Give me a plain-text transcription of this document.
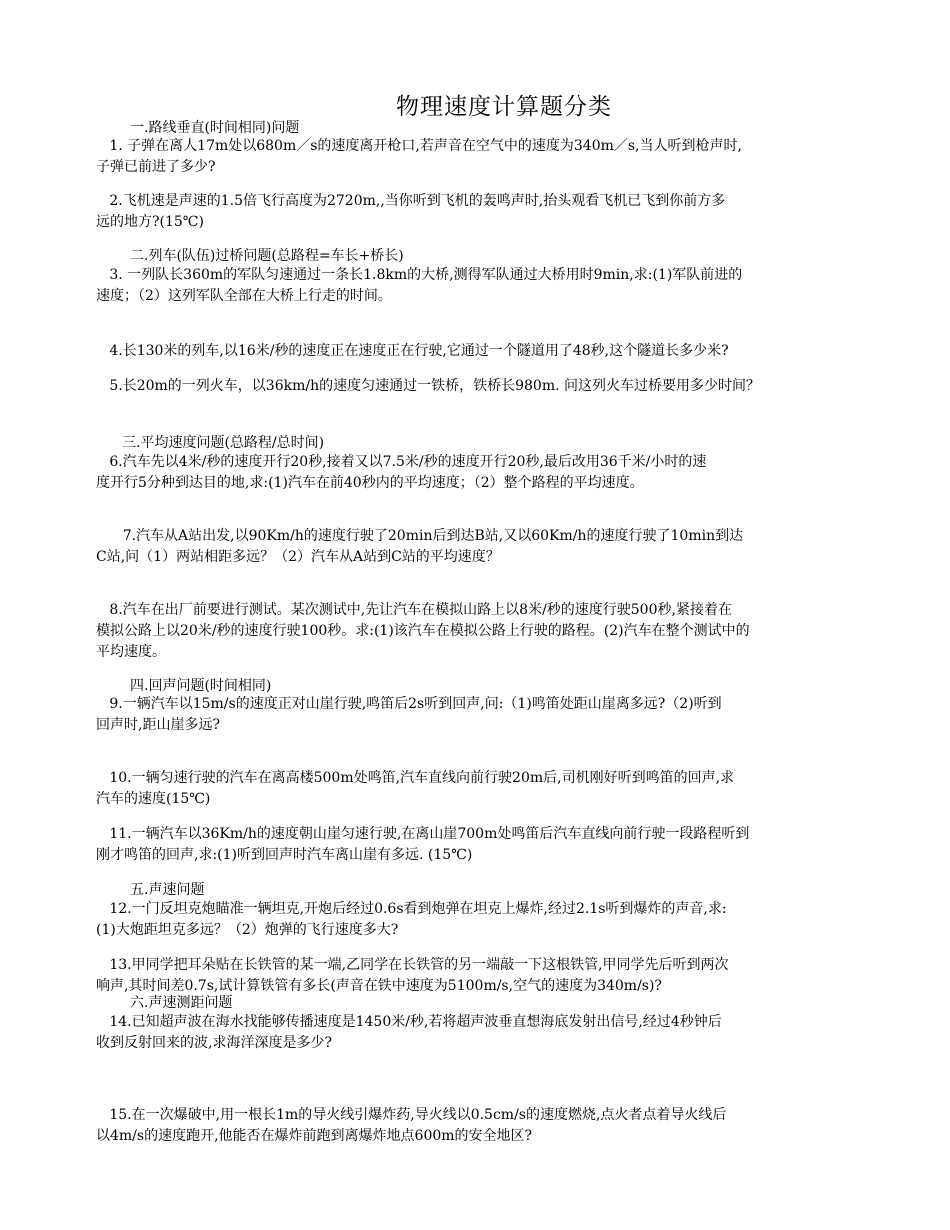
物理速度计算题分类
一.路线垂直(时间相同)问题
1. 子弹在离人17m处以680m／s的速度离开枪口,若声音在空气中的速度为340m／s,当人听到枪声时,
子弹已前进了多少?
2.飞机速是声速的1.5倍飞行高度为2720m,,当你听到飞机的轰鸣声时,抬头观看飞机已飞到你前方多
远的地方?(15℃)
二.列车(队伍)过桥问题(总路程=车长+桥长)
3. 一列队长360m的军队匀速通过一条长1.8km的大桥,测得军队通过大桥用时9min,求:(1)军队前进的
速度；（2）这列军队全部在大桥上行走的时间。
4.长130米的列车,以16米/秒的速度正在速度正在行驶,它通过一个隧道用了48秒,这个隧道长多少米?
5.长20m的一列火车，以36km/h的速度匀速通过一铁桥，铁桥长980m. 问这列火车过桥要用多少时间？
三.平均速度问题(总路程/总时间)
6.汽车先以4米/秒的速度开行20秒,接着又以7.5米/秒的速度开行20秒,最后改用36千米/小时的速
度开行5分种到达目的地,求:(1)汽车在前40秒内的平均速度；（2）整个路程的平均速度。
7.汽车从A站出发,以90Km/h的速度行驶了20min后到达B站,又以60Km/h的速度行驶了10min到达
C站,问（1）两站相距多远？（2）汽车从A站到C站的平均速度？
8.汽车在出厂前要进行测试。某次测试中,先让汽车在模拟山路上以8米/秒的速度行驶500秒,紧接着在
模拟公路上以20米/秒的速度行驶100秒。求:(1)该汽车在模拟公路上行驶的路程。(2)汽车在整个测试中的
平均速度。
四.回声问题(时间相同)
9.一辆汽车以15m/s的速度正对山崖行驶,鸣笛后2s听到回声,问:（1)鸣笛处距山崖离多远?（2)听到
回声时,距山崖多远?
10.一辆匀速行驶的汽车在离高楼500m处鸣笛,汽车直线向前行驶20m后,司机刚好听到鸣笛的回声,求
汽车的速度(15℃)
11.一辆汽车以36Km/h的速度朝山崖匀速行驶,在离山崖700m处鸣笛后汽车直线向前行驶一段路程听到
刚才鸣笛的回声,求:(1)听到回声时汽车离山崖有多远. (15℃)
五.声速问题
12.一门反坦克炮瞄准一辆坦克,开炮后经过0.6s看到炮弹在坦克上爆炸,经过2.1s听到爆炸的声音,求:
(1)大炮距坦克多远？（2）炮弹的飞行速度多大?
13.甲同学把耳朵贴在长铁管的某一端,乙同学在长铁管的另一端敲一下这根铁管,甲同学先后听到两次
响声,其时间差0.7s,试计算铁管有多长(声音在铁中速度为5100m/s,空气的速度为340m/s)?
六.声速测距问题
14.已知超声波在海水找能够传播速度是1450米/秒,若将超声波垂直想海底发射出信号,经过4秒钟后
收到反射回来的波,求海洋深度是多少?
15.在一次爆破中,用一根长1m的导火线引爆炸药,导火线以0.5cm/s的速度燃烧,点火者点着导火线后
以4m/s的速度跑开,他能否在爆炸前跑到离爆炸地点600m的安全地区?
